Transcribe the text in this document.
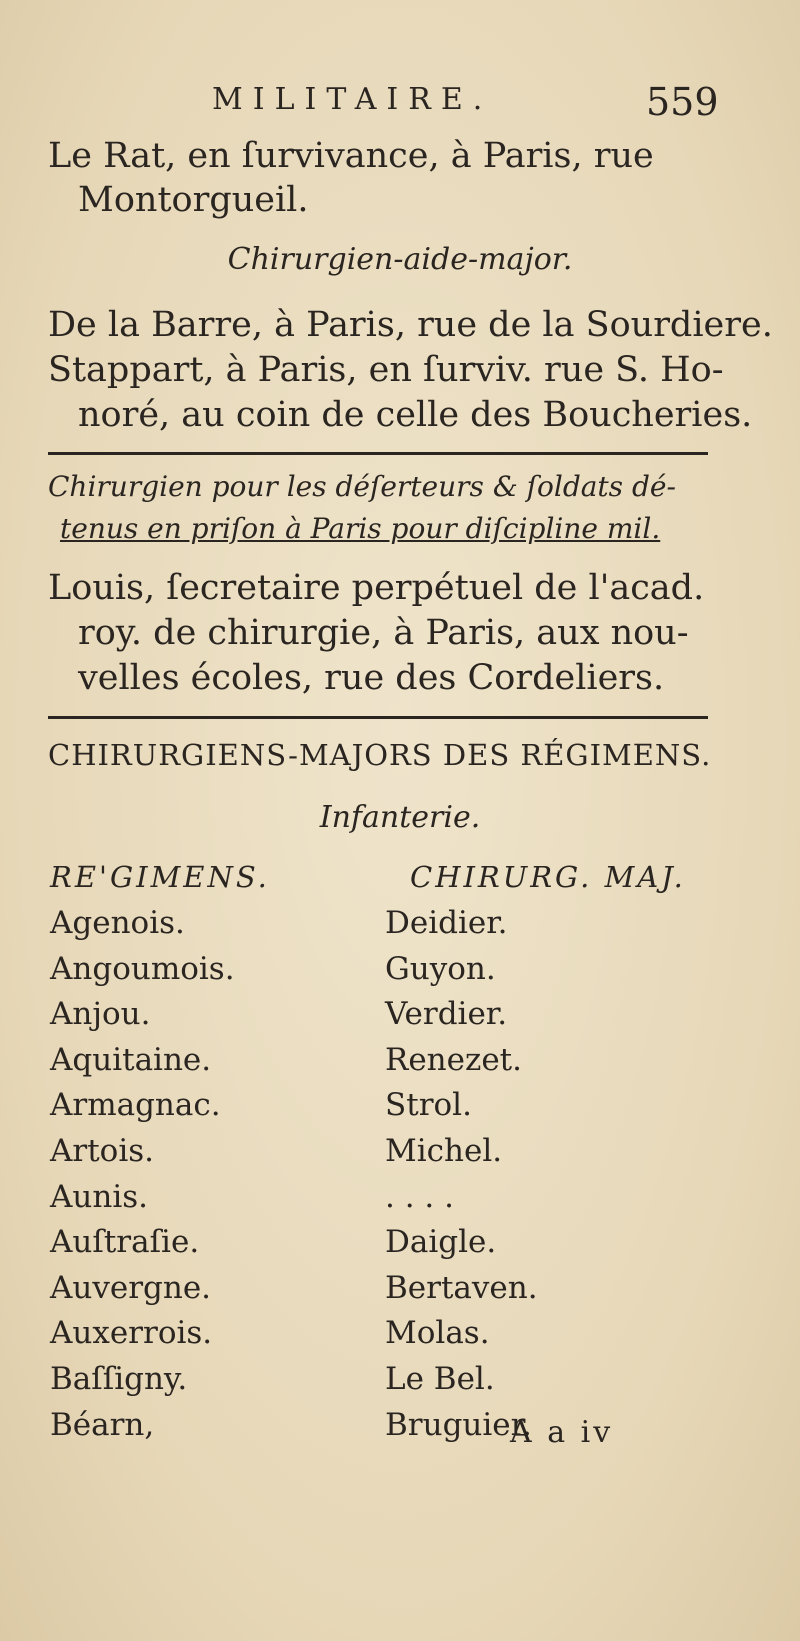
MILITAIRE.	559
Le Rat, en ſurvivance, à Paris, rue
Montorgueil.
Chirurgien-aide-major.
De la Barre, à Paris, rue de la Sourdiere.
Stappart, à Paris, en ſurviv. rue S. Ho-
noré, au coin de celle des Boucheries.
Chirurgien pour les déſerteurs & ſoldats dé-
tenus en priſon à Paris pour diſcipline mil.
Louis, ſecretaire perpétuel de l'acad.
roy. de chirurgie, à Paris, aux nou-
velles écoles, rue des Cordeliers.
CHIRURGIENS-MAJORS DES RÉGIMENS.
Infanterie.
RE'GIMENS.	CHIRURG. MAJ.
Agenois.	Deidier.
Angoumois.	Guyon.
Anjou.	Verdier.
Aquitaine.	Renezet.
Armagnac.	Strol.
Artois.	Michel.
Aunis.	. . . .
Auſtraſie.	Daigle.
Auvergne.	Bertaven.
Auxerrois.	Molas.
Baſſigny.	Le Bel.
Béarn,	Bruguier.
A a iv
